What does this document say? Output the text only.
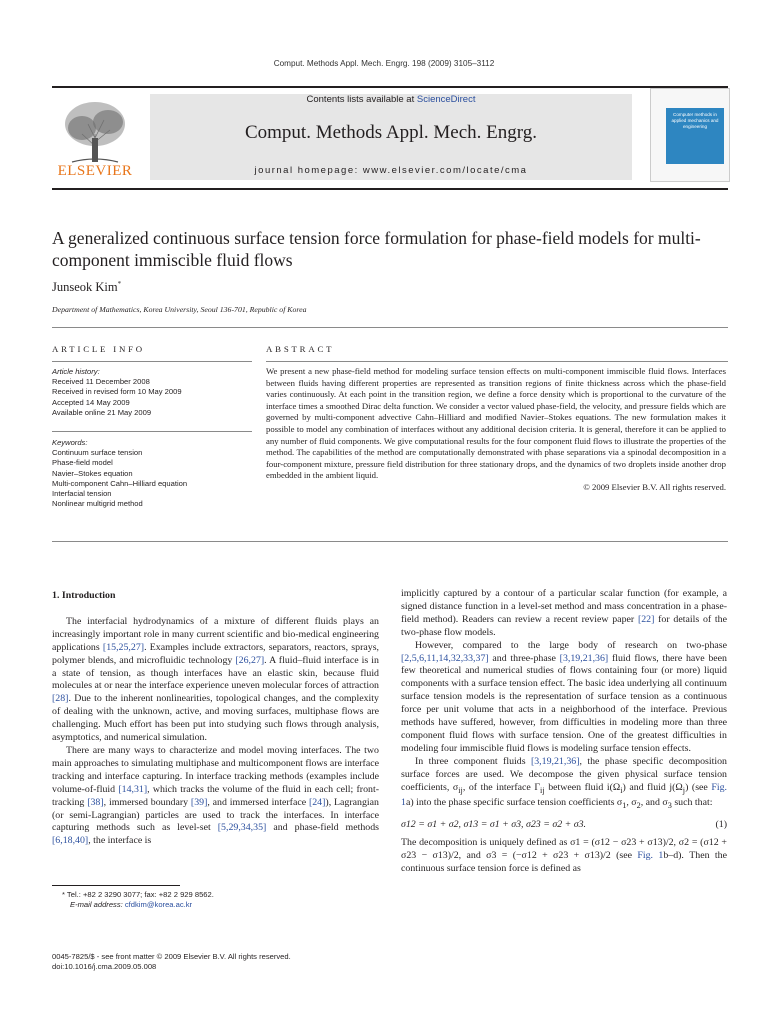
Comput. Methods Appl. Mech. Engrg. 198 (2009) 3105–3112
ELSEVIER
Contents lists available at ScienceDirect
Comput. Methods Appl. Mech. Engrg.
journal homepage: www.elsevier.com/locate/cma
Computer methods in applied mechanics and engineering
A generalized continuous surface tension force formulation for phase-field models for multi-component immiscible fluid flows
Junseok Kim*
Department of Mathematics, Korea University, Seoul 136-701, Republic of Korea
ARTICLE INFO	ABSTRACT
Article history:
Received 11 December 2008
Received in revised form 10 May 2009
Accepted 14 May 2009
Available online 21 May 2009
Keywords:
Continuum surface tension
Phase-field model
Navier–Stokes equation
Multi-component Cahn–Hilliard equation
Interfacial tension
Nonlinear multigrid method
We present a new phase-field method for modeling surface tension effects on multi-component immiscible fluid flows. Interfaces between fluids having different properties are represented as transition regions of finite thickness across which the phase-field varies continuously. At each point in the transition region, we define a force density which is proportional to the curvature of the interface times a smoothed Dirac delta function. We consider a vector valued phase-field, the velocity, and pressure fields which are governed by multi-component advective Cahn–Hilliard and modified Navier–Stokes equations. The new formulation makes it possible to model any combination of interfaces without any additional decision criteria. It is general, therefore it can be applied to any number of fluid components. We give computational results for the four component fluid flows to illustrate the properties of the method. The capabilities of the method are computationally demonstrated with phase separations via a spinodal decomposition in a four-component mixture, pressure field distribution for three stationary drops, and the dynamics of two droplets inside another drop embedded in the ambient liquid.
© 2009 Elsevier B.V. All rights reserved.
1. Introduction

The interfacial hydrodynamics of a mixture of different fluids plays an increasingly important role in many current scientific and bio-medical engineering applications [15,25,27]. Examples include extractors, separators, reactors, sprays, polymer blends, and microfluidic technology [26,27]. A fluid–fluid interface is in a state of tension, as though interfaces have an elastic skin, because fluid molecules at or near the interface experience uneven molecular forces of attraction [28]. Due to the inherent nonlinearities, topological changes, and the complexity of dealing with the unknown, active, and moving surfaces, multiphase flows are challenging. Much effort has been put into studying such flows through analysis, asymptotics, and numerical simulation.

There are many ways to characterize and model moving interfaces. The two main approaches to simulating multiphase and multicomponent flows are interface tracking and interface capturing. In interface tracking methods (examples include volume-of-fluid [14,31], which tracks the volume of the fluid in each cell; front-tracking [38], immersed boundary [39], and immersed interface [24]), Lagrangian (or semi-Lagrangian) particles are used to track the interfaces. In interface capturing methods such as level-set [5,29,34,35] and phase-field methods [6,18,40], the interface is

implicitly captured by a contour of a particular scalar function (for example, a signed distance function in a level-set method and mass concentration in a phase-field method). Readers can review a recent review paper [22] for details of the two-phase flow models.

However, compared to the large body of research on two-phase [2,5,6,11,14,32,33,37] and three-phase [3,19,21,36] fluid flows, there have been few theoretical and numerical studies of flows containing four (or more) liquid components with a surface tension effect. The basic idea underlying all continuum surface tension models is the representation of surface tension as a continuous force per unit volume that acts in a neighborhood of the interface. Previous methods have suffered, however, from difficulties in modeling more than three component fluid flows with surface tension. One of the greatest difficulties in modeling four immiscible fluid flows is modeling surface tension effects.

In three component fluids [3,19,21,36], the phase specific decomposition surface forces are used. We decompose the given physical surface tension coefficients, $\sigma_{ij}$, of the interface $\Gamma_{ij}$ between fluid $i(\Omega_i)$ and fluid $j(\Omega_j)$ (see Fig. 1a) into the phase specific surface tension coefficients $\sigma_1$, $\sigma_2$, and $\sigma_3$ such that:

σ12 = σ1 + σ2, σ13 = σ1 + σ3, σ23 = σ2 + σ3.	(1)

The decomposition is uniquely defined as σ1 = (σ12 − σ23 + σ13)/2, σ2 = (σ12 + σ23 − σ13)/2, and σ3 = (−σ12 + σ23 + σ13)/2 (see Fig. 1b–d). Then the continuous surface tension force is defined as

* Tel.: +82 2 3290 3077; fax: +82 2 929 8562.
E-mail address: cfdkim@korea.ac.kr
0045-7825/$ - see front matter © 2009 Elsevier B.V. All rights reserved.
doi:10.1016/j.cma.2009.05.008
